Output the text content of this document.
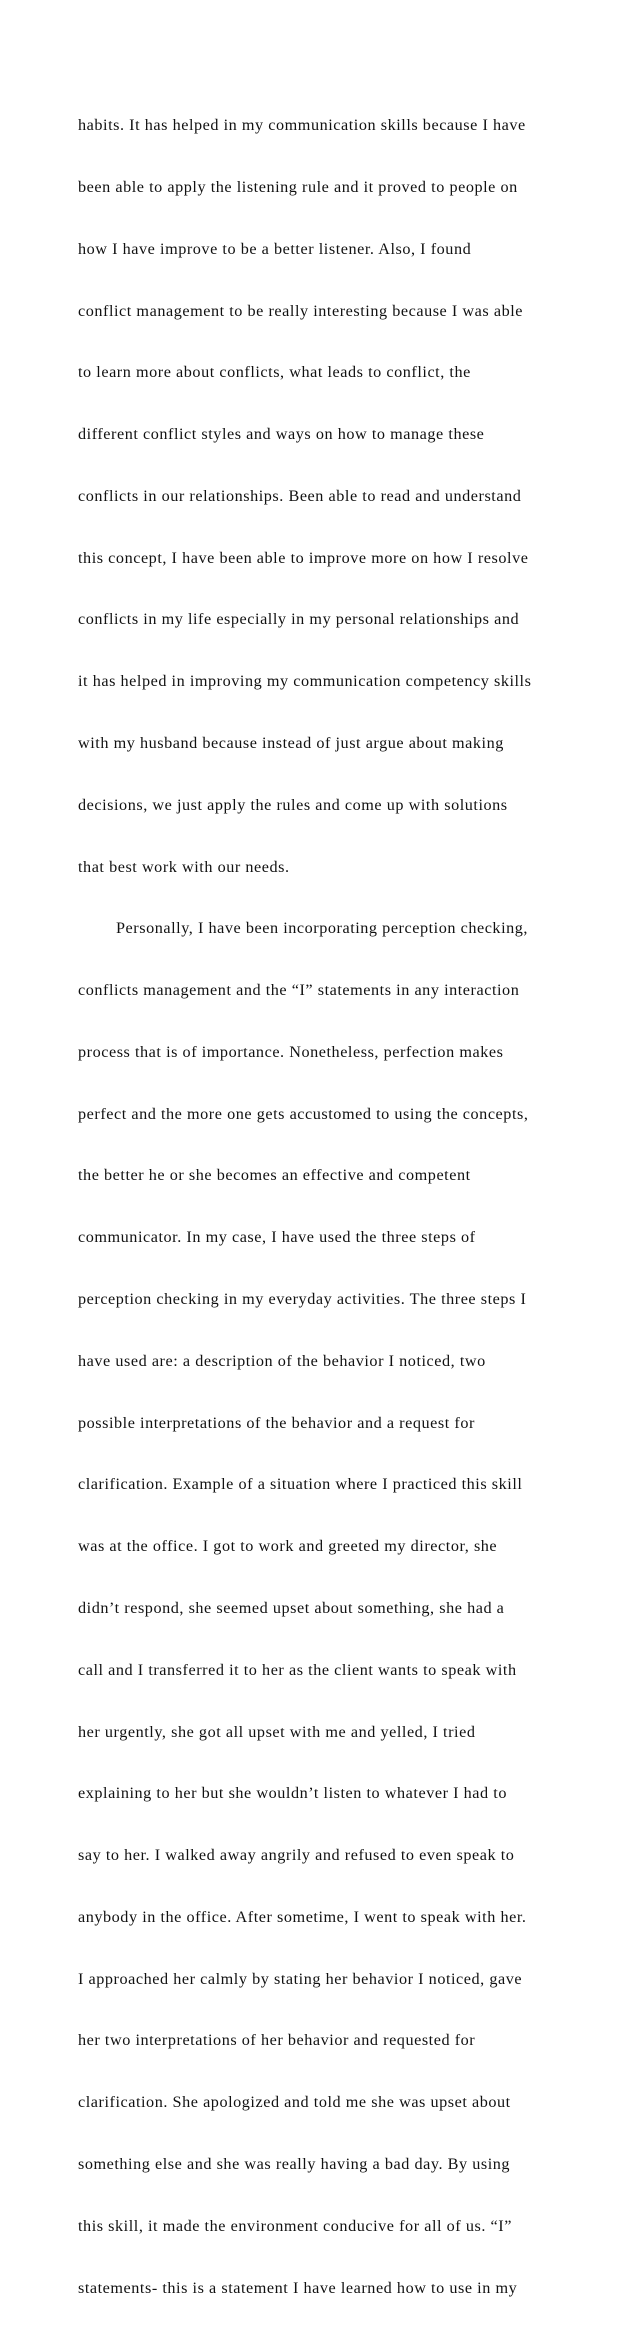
habits. It has helped in my communication skills because I have

been able to apply the listening rule and it proved to people on

how I have improve to be a better listener. Also, I found

conflict management to be really interesting because I was able

to learn more about conflicts, what leads to conflict, the

different conflict styles and ways on how to manage these

conflicts in our relationships. Been able to read and understand

this concept, I have been able to improve more on how I resolve

conflicts in my life especially in my personal relationships and

it has helped in improving my communication competency skills

with my husband because instead of just argue about making

decisions, we just apply the rules and come up with solutions

that best work with our needs.

Personally, I have been incorporating perception checking,

conflicts management and the “I” statements in any interaction

process that is of importance. Nonetheless, perfection makes

perfect and the more one gets accustomed to using the concepts,

the better he or she becomes an effective and competent

communicator. In my case, I have used the three steps of

perception checking in my everyday activities. The three steps I

have used are: a description of the behavior I noticed, two

possible interpretations of the behavior and a request for

clarification. Example of a situation where I practiced this skill

was at the office. I got to work and greeted my director, she

didn’t respond, she seemed upset about something, she had a

call and I transferred it to her as the client wants to speak with

her urgently, she got all upset with me and yelled, I tried

explaining to her but she wouldn’t listen to whatever I had to

say to her. I walked away angrily and refused to even speak to

anybody in the office. After sometime, I went to speak with her.

I approached her calmly by stating her behavior I noticed, gave

her two interpretations of her behavior and requested for

clarification. She apologized and told me she was upset about

something else and she was really having a bad day. By using

this skill, it made the environment conducive for all of us. “I”

statements- this is a statement I have learned how to use in my
